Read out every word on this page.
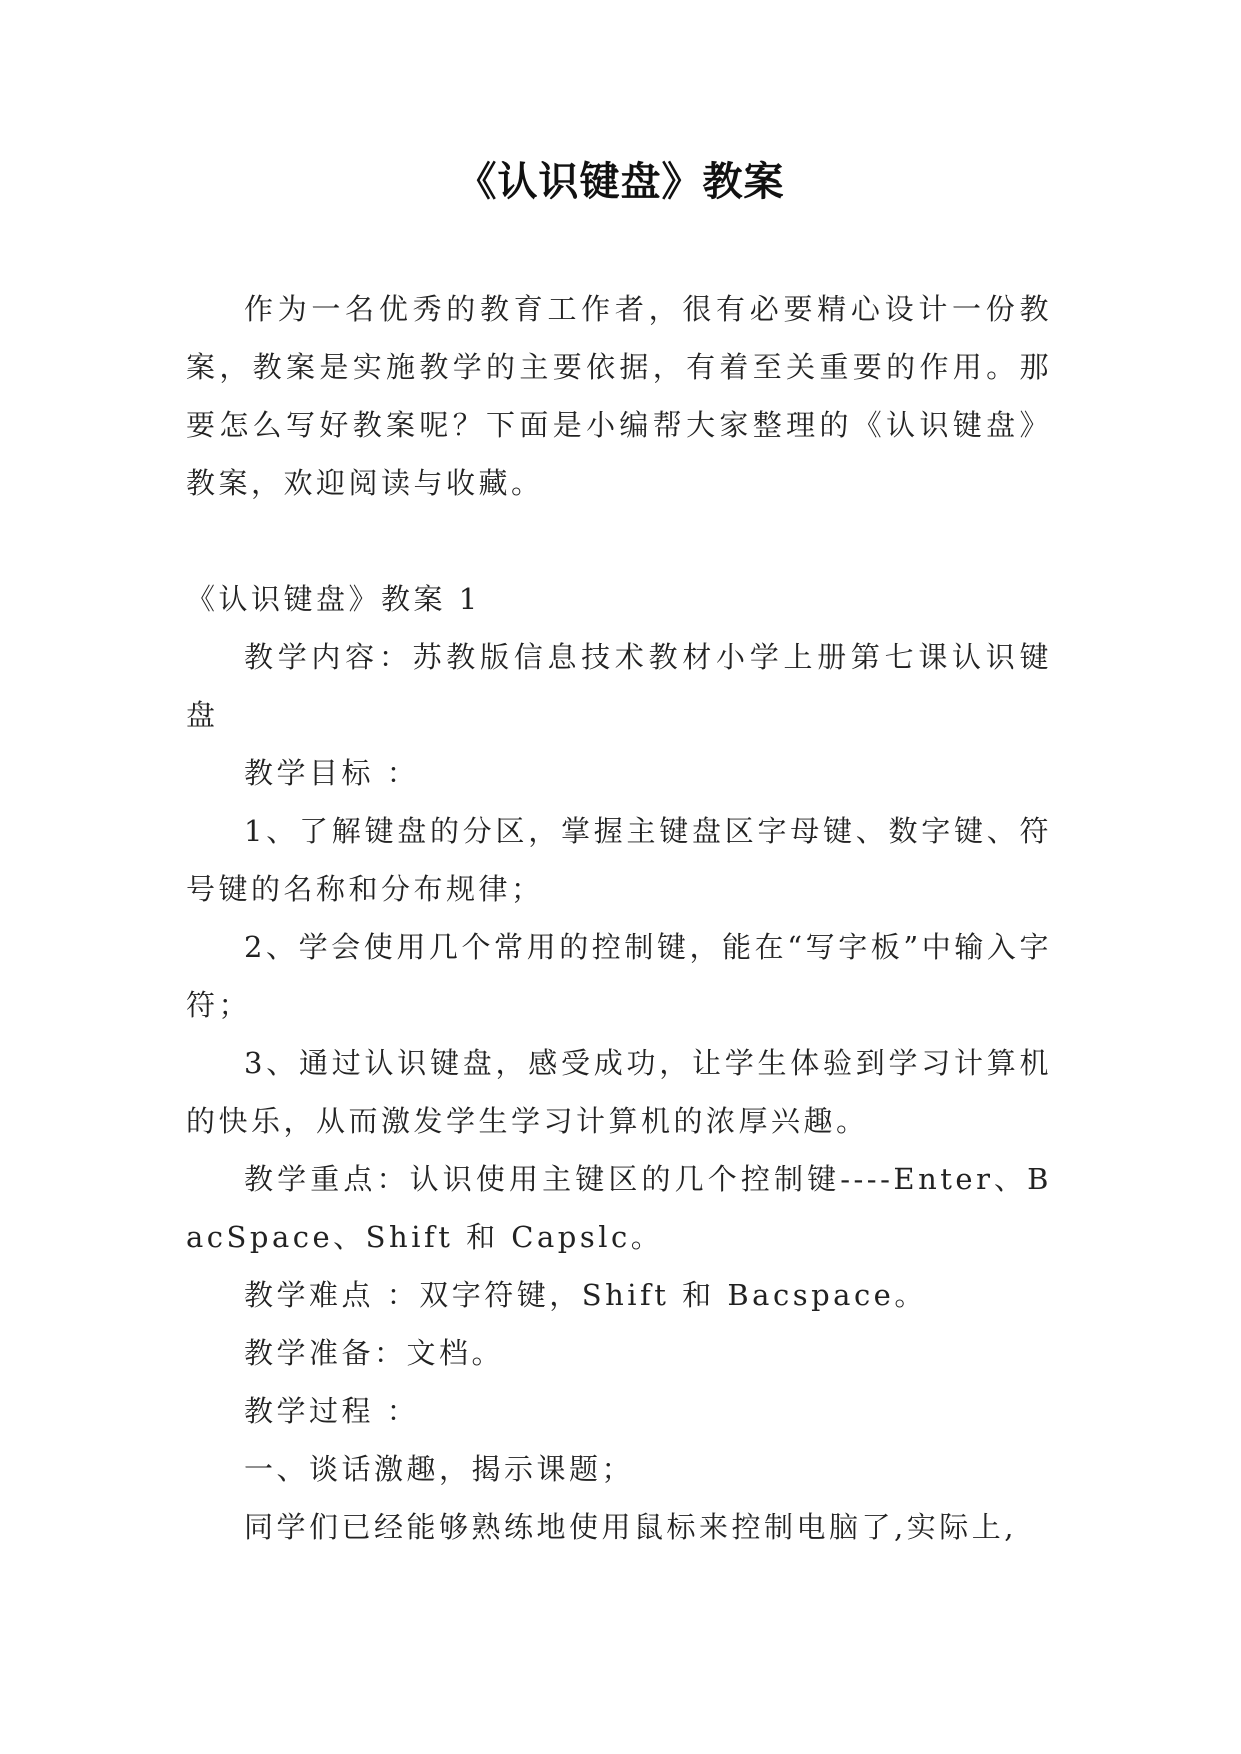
《认识键盘》教案

作为一名优秀的教育工作者，很有必要精心设计一份教案，教案是实施教学的主要依据，有着至关重要的作用。那要怎么写好教案呢？下面是小编帮大家整理的《认识键盘》教案，欢迎阅读与收藏。

《认识键盘》教案 1

教学内容：苏教版信息技术教材小学上册第七课认识键盘

教学目标 ：

1、了解键盘的分区，掌握主键盘区字母键、数字键、符号键的名称和分布规律；

2、学会使用几个常用的控制键，能在“写字板”中输入字符；

3、通过认识键盘，感受成功，让学生体验到学习计算机的快乐，从而激发学生学习计算机的浓厚兴趣。

教学重点：认识使用主键区的几个控制键----Enter、BacSpace、Shift 和 Capslc。

教学难点 ：双字符键，Shift 和 Bacspace。

教学准备：文档。

教学过程 ：

一、谈话激趣，揭示课题；

同学们已经能够熟练地使用鼠标来控制电脑了,实际上,
